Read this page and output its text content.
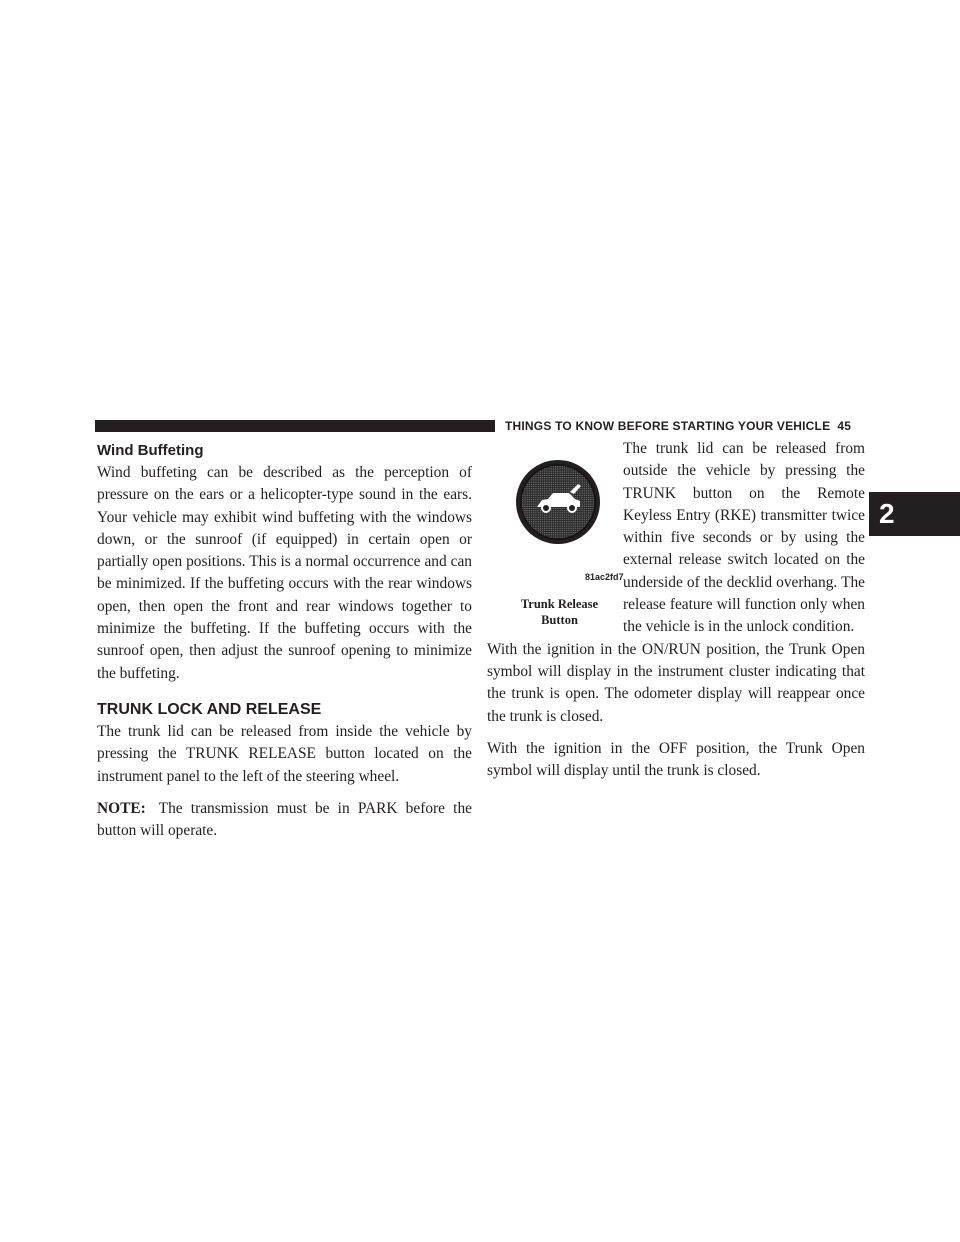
THINGS TO KNOW BEFORE STARTING YOUR VEHICLE 45
2
Wind Buffeting

Wind buffeting can be described as the perception of pressure on the ears or a helicopter-type sound in the ears. Your vehicle may exhibit wind buffeting with the windows down, or the sunroof (if equipped) in certain open or partially open positions. This is a normal occurrence and can be minimized. If the buffeting occurs with the rear windows open, then open the front and rear windows together to minimize the buffeting. If the buffeting occurs with the sunroof open, then adjust the sunroof opening to minimize the buffeting.

TRUNK LOCK AND RELEASE

The trunk lid can be released from inside the vehicle by pressing the TRUNK RELEASE button located on the instrument panel to the left of the steering wheel.

NOTE: The transmission must be in PARK before the button will operate.

81ac2fd7
Trunk Release
Button
The trunk lid can be released from outside the vehicle by pressing the TRUNK button on the Remote Keyless Entry (RKE) transmitter twice within five seconds or by using the external release switch located on the underside of the decklid overhang. The release feature will function only when the vehicle is in the unlock condition.

With the ignition in the ON/RUN position, the Trunk Open symbol will display in the instrument cluster indicating that the trunk is open. The odometer display will reappear once the trunk is closed.

With the ignition in the OFF position, the Trunk Open symbol will display until the trunk is closed.
